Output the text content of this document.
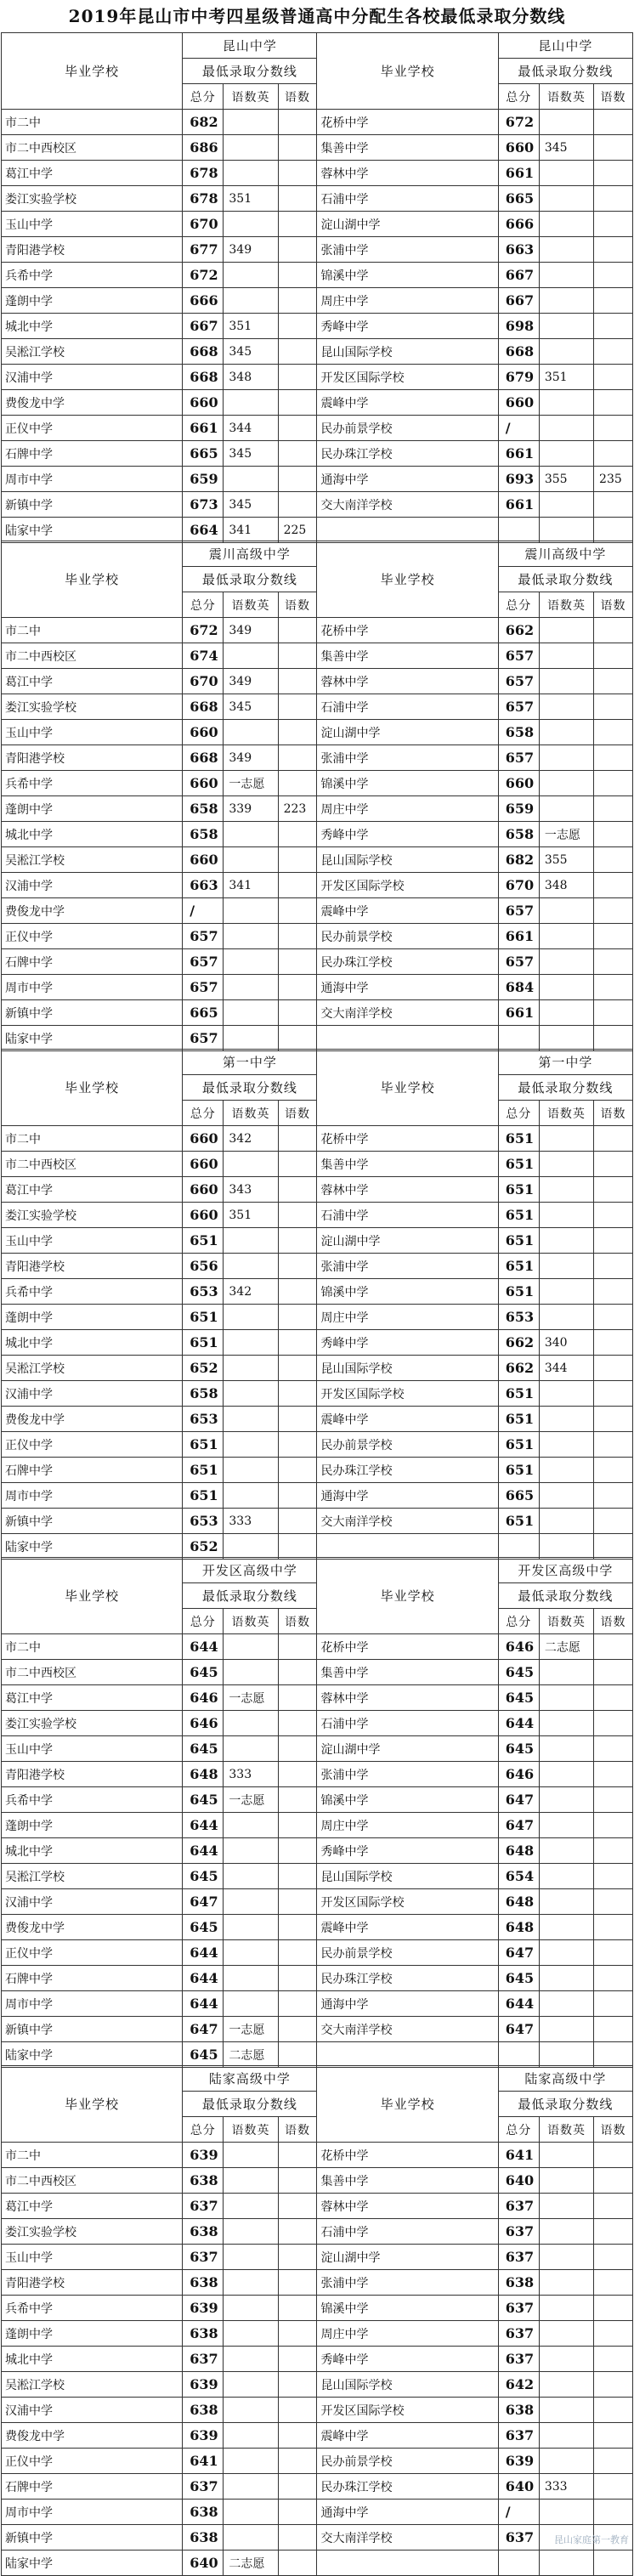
2019年昆山市中考四星级普通高中分配生各校最低录取分数线
毕业学校	昆山中学			毕业学校	昆山中学		
	最低录取分数线				最低录取分数线		
	总分	语数英	语数		总分	语数英	语数
市二中	682			花桥中学	672		
市二中西校区	686			集善中学	660	345	
葛江中学	678			蓉林中学	661		
娄江实验学校	678	351		石浦中学	665		
玉山中学	670			淀山湖中学	666		
青阳港学校	677	349		张浦中学	663		
兵希中学	672			锦溪中学	667		
蓬朗中学	666			周庄中学	667		
城北中学	667	351		秀峰中学	698		
吴淞江学校	668	345		昆山国际学校	668		
汉浦中学	668	348		开发区国际学校	679	351	
费俊龙中学	660			震峰中学	660		
正仪中学	661	344		民办前景学校	/		
石牌中学	665	345		民办珠江学校	661		
周市中学	659			通海中学	693	355	235
新镇中学	673	345		交大南洋学校	661		
陆家中学	664	341	225				
毕业学校	震川高级中学			毕业学校	震川高级中学		
	最低录取分数线				最低录取分数线		
	总分	语数英	语数		总分	语数英	语数
市二中	672	349		花桥中学	662		
市二中西校区	674			集善中学	657		
葛江中学	670	349		蓉林中学	657		
娄江实验学校	668	345		石浦中学	657		
玉山中学	660			淀山湖中学	658		
青阳港学校	668	349		张浦中学	657		
兵希中学	660	一志愿		锦溪中学	660		
蓬朗中学	658	339	223	周庄中学	659		
城北中学	658			秀峰中学	658	一志愿	
吴淞江学校	660			昆山国际学校	682	355	
汉浦中学	663	341		开发区国际学校	670	348	
费俊龙中学	/			震峰中学	657		
正仪中学	657			民办前景学校	661		
石牌中学	657			民办珠江学校	657		
周市中学	657			通海中学	684		
新镇中学	665			交大南洋学校	661		
陆家中学	657						
毕业学校	第一中学			毕业学校	第一中学		
	最低录取分数线				最低录取分数线		
	总分	语数英	语数		总分	语数英	语数
市二中	660	342		花桥中学	651		
市二中西校区	660			集善中学	651		
葛江中学	660	343		蓉林中学	651		
娄江实验学校	660	351		石浦中学	651		
玉山中学	651			淀山湖中学	651		
青阳港学校	656			张浦中学	651		
兵希中学	653	342		锦溪中学	651		
蓬朗中学	651			周庄中学	653		
城北中学	651			秀峰中学	662	340	
吴淞江学校	652			昆山国际学校	662	344	
汉浦中学	658			开发区国际学校	651		
费俊龙中学	653			震峰中学	651		
正仪中学	651			民办前景学校	651		
石牌中学	651			民办珠江学校	651		
周市中学	651			通海中学	665		
新镇中学	653	333		交大南洋学校	651		
陆家中学	652						
毕业学校	开发区高级中学			毕业学校	开发区高级中学		
	最低录取分数线				最低录取分数线		
	总分	语数英	语数		总分	语数英	语数
市二中	644			花桥中学	646	二志愿	
市二中西校区	645			集善中学	645		
葛江中学	646	一志愿		蓉林中学	645		
娄江实验学校	646			石浦中学	644		
玉山中学	645			淀山湖中学	645		
青阳港学校	648	333		张浦中学	646		
兵希中学	645	一志愿		锦溪中学	647		
蓬朗中学	644			周庄中学	647		
城北中学	644			秀峰中学	648		
吴淞江学校	645			昆山国际学校	654		
汉浦中学	647			开发区国际学校	648		
费俊龙中学	645			震峰中学	648		
正仪中学	644			民办前景学校	647		
石牌中学	644			民办珠江学校	645		
周市中学	644			通海中学	644		
新镇中学	647	一志愿		交大南洋学校	647		
陆家中学	645	二志愿					
毕业学校	陆家高级中学			毕业学校	陆家高级中学		
	最低录取分数线				最低录取分数线		
	总分	语数英	语数		总分	语数英	语数
市二中	639			花桥中学	641		
市二中西校区	638			集善中学	640		
葛江中学	637			蓉林中学	637		
娄江实验学校	638			石浦中学	637		
玉山中学	637			淀山湖中学	637		
青阳港学校	638			张浦中学	638		
兵希中学	639			锦溪中学	637		
蓬朗中学	638			周庄中学	637		
城北中学	637			秀峰中学	637		
吴淞江学校	639			昆山国际学校	642		
汉浦中学	638			开发区国际学校	638		
费俊龙中学	639			震峰中学	637		
正仪中学	641			民办前景学校	639		
石牌中学	637			民办珠江学校	640	333	
周市中学	638			通海中学	/		
新镇中学	638			交大南洋学校	637		
陆家中学	640	二志愿					
昆山家庭第一教育
